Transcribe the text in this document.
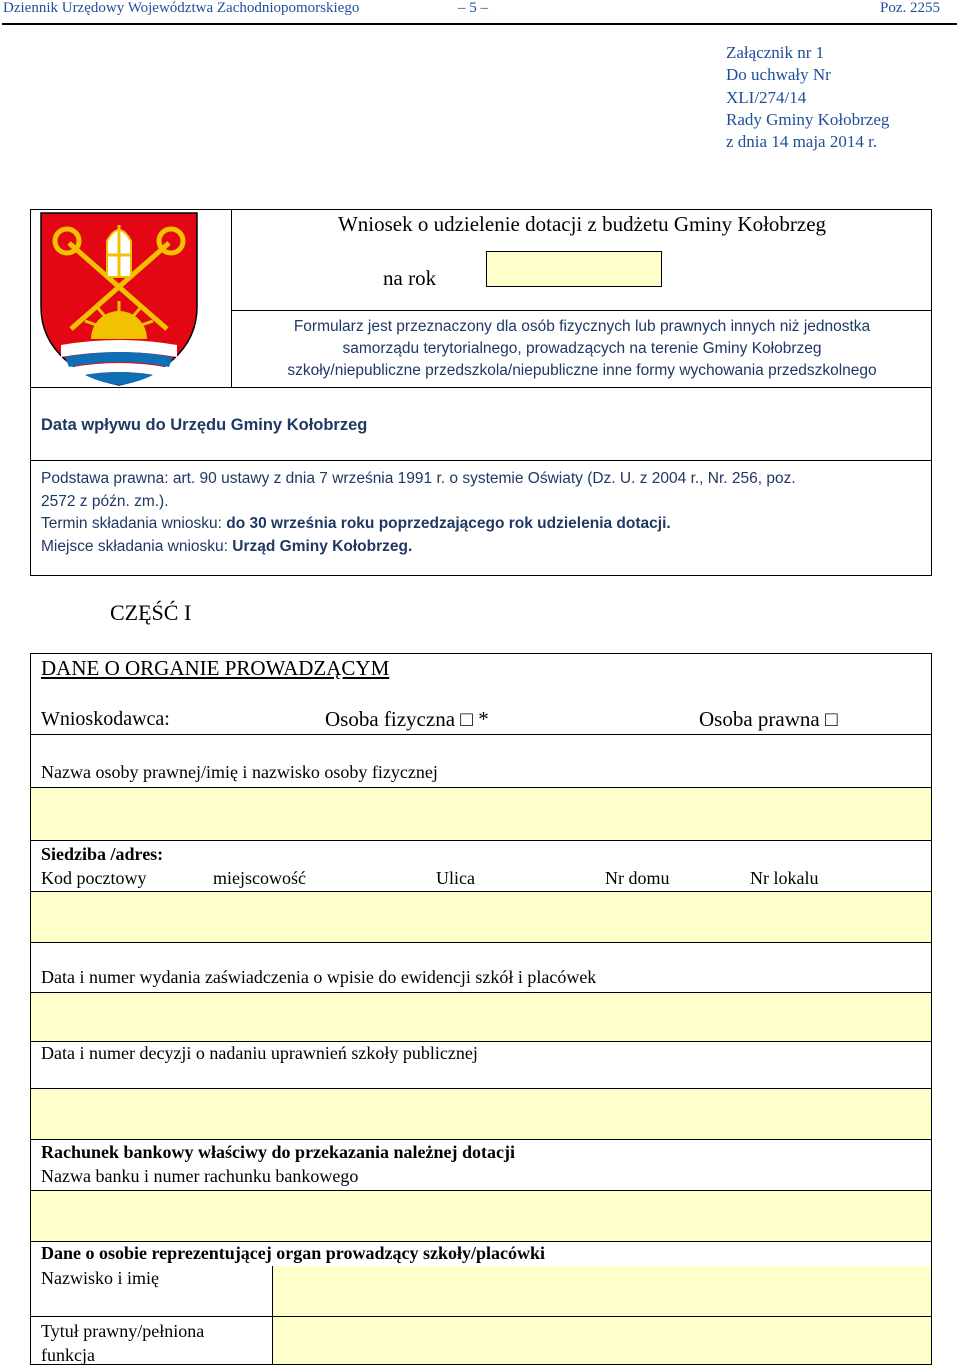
Dziennik Urzędowy Województwa Zachodniopomorskiego	– 5 –	Poz. 2255
Załącznik nr 1
Do uchwały Nr
XLI/274/14
Rady Gminy Kołobrzeg
z dnia 14 maja 2014 r.
Wniosek o udzielenie dotacji z budżetu Gminy Kołobrzeg
na rok
Formularz jest przeznaczony dla osób fizycznych lub prawnych innych niż jednostka
samorządu terytorialnego, prowadzących na terenie Gminy Kołobrzeg
szkoły/niepubliczne przedszkola/niepubliczne inne formy wychowania przedszkolnego
Data wpływu do Urzędu Gminy Kołobrzeg
Podstawa prawna: art. 90 ustawy z dnia 7 września 1991 r. o systemie Oświaty (Dz. U. z 2004 r., Nr. 256, poz.
2572 z późn. zm.).
Termin składania wniosku: do 30 września roku poprzedzającego rok udzielenia dotacji.
Miejsce składania wniosku: Urząd Gminy Kołobrzeg.
CZĘŚĆ I
DANE O ORGANIE PROWADZĄCYM
Wnioskodawca:	Osoba fizyczna □ *	Osoba prawna □
Nazwa osoby prawnej/imię i nazwisko osoby fizycznej
Siedziba /adres:
Kod pocztowy	miejscowość	Ulica	Nr domu	Nr lokalu
Data i numer wydania zaświadczenia o wpisie do ewidencji szkół i placówek
Data i numer decyzji o nadaniu uprawnień szkoły publicznej
Rachunek bankowy właściwy do przekazania należnej dotacji
Nazwa banku i numer rachunku bankowego
Dane o osobie reprezentującej organ prowadzący szkoły/placówki
Nazwisko i imię
Tytuł prawny/pełniona
funkcja
